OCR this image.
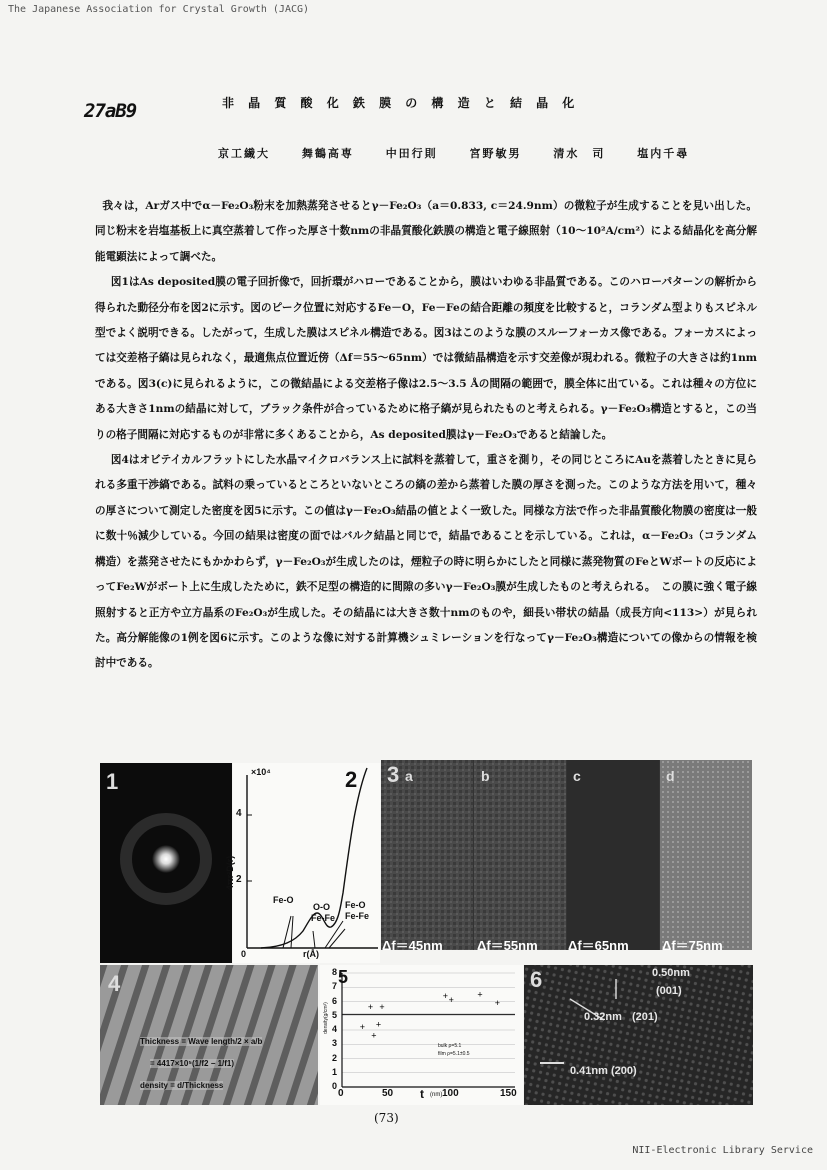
The Japanese Association for Crystal Growth (JACG)
27aB9	非 晶 質 酸 化 鉄 膜 の 構 造 と 結 晶 化
京工繊大	舞鶴高専	中田行則	宮野敏男	清水　司	塩内千尋

我々は，Arガス中でα－Fe₂O₃粉末を加熱蒸発させるとγ－Fe₂O₃（a＝0.833, c＝24.9nm）の微粒子が生成することを見い出した。同じ粉末を岩塩基板上に真空蒸着して作った厚さ十数nmの非晶質酸化鉄膜の構造と電子線照射（10～10²A/cm²）による結晶化を高分解能電顕法によって調べた。

図1はAs deposited膜の電子回折像で，回折環がハローであることから，膜はいわゆる非晶質である。このハローパターンの解析から得られた動径分布を図2に示す。図のピーク位置に対応するFe－O，Fe－Feの結合距離の頻度を比較すると，コランダム型よりもスピネル型でよく説明できる。したがって，生成した膜はスピネル構造である。図3はこのような膜のスルーフォーカス像である。フォーカスによっては交差格子縞は見られなく，最適焦点位置近傍（Δf＝55～65nm）では微結晶構造を示す交差像が現われる。微粒子の大きさは約1nmである。図3(c)に見られるように，この微結晶による交差格子像は2.5～3.5 Åの間隔の範囲で，膜全体に出ている。これは種々の方位にある大きさ1nmの結晶に対して，ブラック条件が合っているために格子縞が見られたものと考えられる。γ－Fe₂O₃構造とすると，この当りの格子間隔に対応するものが非常に多くあることから，As deposited膜はγ－Fe₂O₃であると結論した。

図4はオビテイカルフラットにした水晶マイクロバランス上に試料を蒸着して，重さを測り，その同じところにAuを蒸着したときに見られる多重干渉縞である。試料の乗っているところといないところの縞の差から蒸着した膜の厚さを測った。このような方法を用いて，種々の厚さについて測定した密度を図5に示す。この値はγ－Fe₂O₃結晶の値とよく一致した。同様な方法で作った非晶質酸化物膜の密度は一般に数十％減少している。今回の結果は密度の面ではバルク結晶と同じで，結晶であることを示している。これは，α－Fe₂O₃（コランダム構造）を蒸発させたにもかかわらず，γ－Fe₂O₃が生成したのは，煙粒子の時に明らかにしたと同様に蒸発物質のFeとWボートの反応によってFe₂Wがボート上に生成したために，鉄不足型の構造的に間隙の多いγ－Fe₂O₃膜が生成したものと考えられる。　この膜に強く電子線照射すると正方や立方晶系のFe₂O₃が生成した。その結晶には大きさ数十nmのものや，細長い帯状の結晶（成長方向<113>）が見られた。高分解能像の1例を図6に示す。このような像に対する計算機シュミレーションを行なってγ－Fe₂O₃構造についての像からの情報を検討中である。

1	2
×10⁴
4πr²D(r)
4
2
0	r(Å)
Fe-O
O-O
Fe-Fe
Fe-O
Fe-Fe
3 a	b	c	d
Δf＝45nm	Δf＝55nm Δf＝65nm	Δf＝75nm
4
Thickness = Wave length/2 × a/b
= 4417×10⁵(1/f2 − 1/f1)
density = d/Thickness
+
+
+
+
+
+ +
+
+
5
8
7
6
5
4
3
2
1
0
0	50 t (nm) 100	150
density(g/cm³)
bulk ρ=5.1
film ρ=5.1±0.5
6	0.50nm
(001)
0.32nm (201)
0.41nm (200)
(73)
NII-Electronic Library Service
